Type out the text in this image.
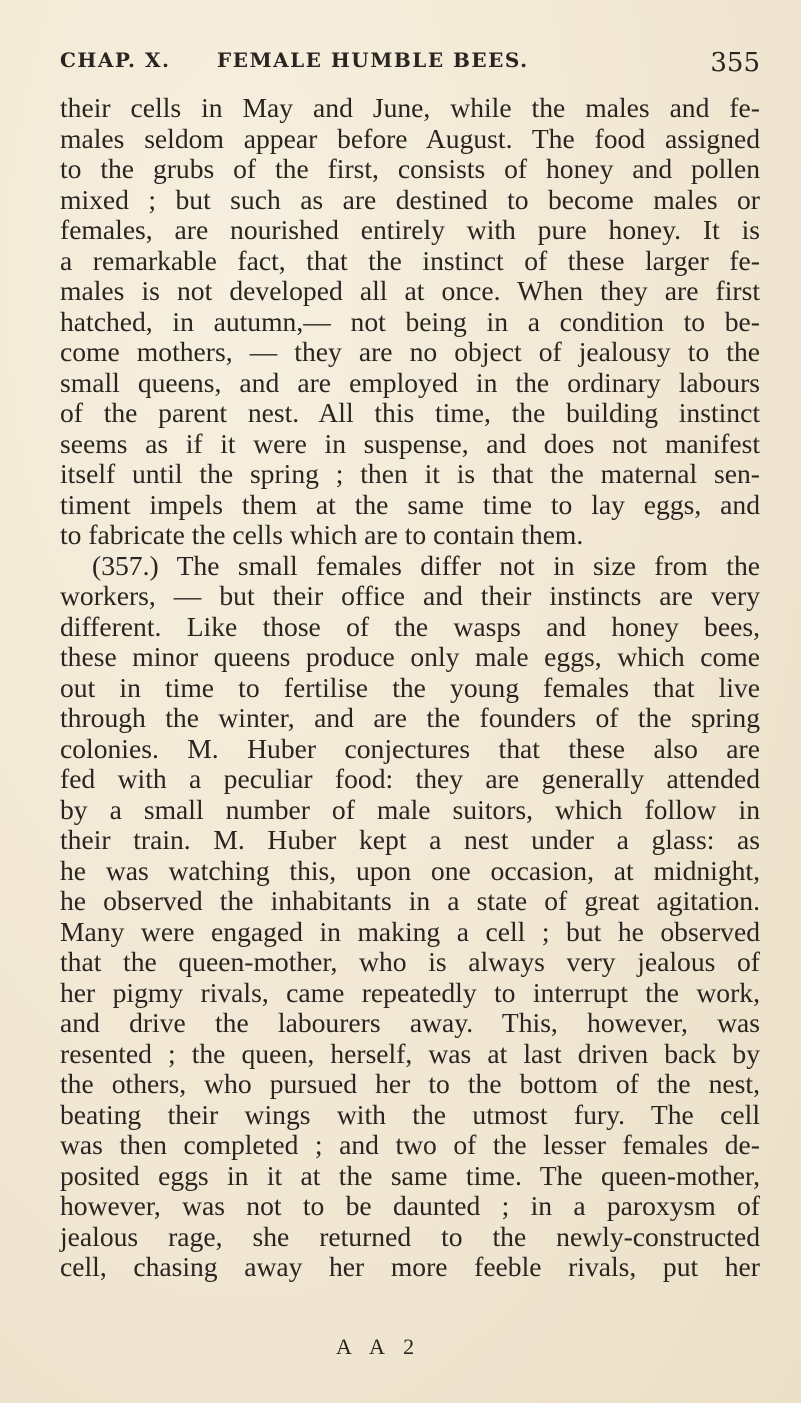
CHAP. X. FEMALE HUMBLE BEES.	355
their cells in May and June, while the males and fe-
males seldom appear before August. The food assigned
to the grubs of the first, consists of honey and pollen
mixed ; but such as are destined to become males or
females, are nourished entirely with pure honey. It is
a remarkable fact, that the instinct of these larger fe-
males is not developed all at once. When they are first
hatched, in autumn,— not being in a condition to be-
come mothers, — they are no object of jealousy to the
small queens, and are employed in the ordinary labours
of the parent nest. All this time, the building instinct
seems as if it were in suspense, and does not manifest
itself until the spring ; then it is that the maternal sen-
timent impels them at the same time to lay eggs, and
to fabricate the cells which are to contain them.
(357.) The small females differ not in size from the
workers, — but their office and their instincts are very
different. Like those of the wasps and honey bees,
these minor queens produce only male eggs, which come
out in time to fertilise the young females that live
through the winter, and are the founders of the spring
colonies. M. Huber conjectures that these also are
fed with a peculiar food: they are generally attended
by a small number of male suitors, which follow in
their train. M. Huber kept a nest under a glass: as
he was watching this, upon one occasion, at midnight,
he observed the inhabitants in a state of great agitation.
Many were engaged in making a cell ; but he observed
that the queen-mother, who is always very jealous of
her pigmy rivals, came repeatedly to interrupt the work,
and drive the labourers away. This, however, was
resented ; the queen, herself, was at last driven back by
the others, who pursued her to the bottom of the nest,
beating their wings with the utmost fury. The cell
was then completed ; and two of the lesser females de-
posited eggs in it at the same time. The queen-mother,
however, was not to be daunted ; in a paroxysm of
jealous rage, she returned to the newly-constructed
cell, chasing away her more feeble rivals, put her
A A 2
